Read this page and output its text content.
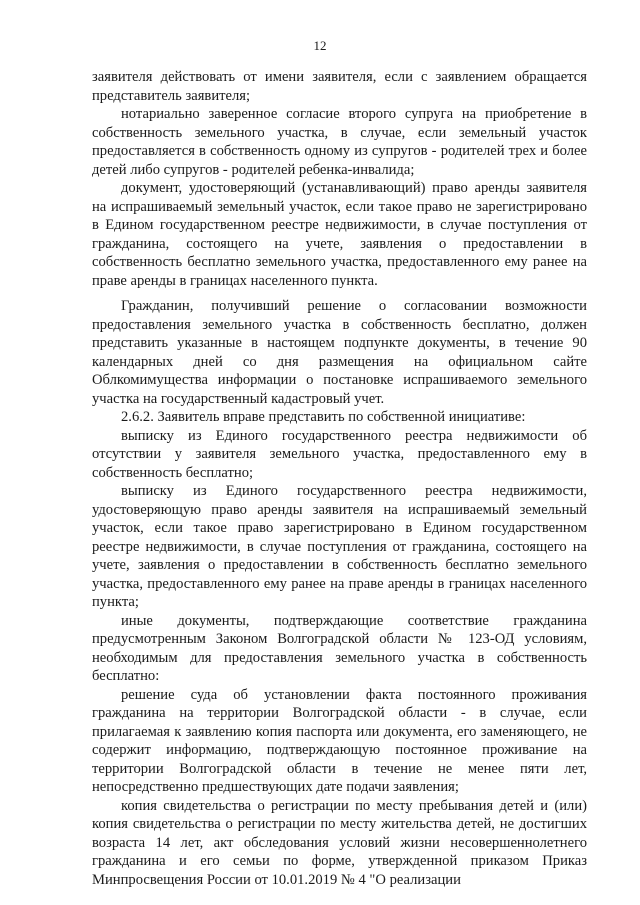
12

заявителя действовать от имени заявителя, если с заявлением обращается представитель заявителя;

нотариально заверенное согласие второго супруга на приобретение в собственность земельного участка, в случае, если земельный участок предоставляется в собственность одному из супругов - родителей трех и более детей либо супругов - родителей ребенка-инвалида;

документ, удостоверяющий (устанавливающий) право аренды заявителя на испрашиваемый земельный участок, если такое право не зарегистрировано в Едином государственном реестре недвижимости, в случае поступления от гражданина, состоящего на учете, заявления о предоставлении в собственность бесплатно земельного участка, предоставленного ему ранее на праве аренды в границах населенного пункта.

Гражданин, получивший решение о согласовании возможности предоставления земельного участка в собственность бесплатно, должен представить указанные в настоящем подпункте документы, в течение 90 календарных дней со дня размещения на официальном сайте Облкомимущества информации о постановке испрашиваемого земельного участка на государственный кадастровый учет.

2.6.2. Заявитель вправе представить по собственной инициативе:

выписку из Единого государственного реестра недвижимости об отсутствии у заявителя земельного участка, предоставленного ему в собственность бесплатно;

выписку из Единого государственного реестра недвижимости, удостоверяющую право аренды заявителя на испрашиваемый земельный участок, если такое право зарегистрировано в Едином государственном реестре недвижимости, в случае поступления от гражданина, состоящего на учете, заявления о предоставлении в собственность бесплатно земельного участка, предоставленного ему ранее на праве аренды в границах населенного пункта;

иные документы, подтверждающие соответствие гражданина предусмотренным Законом Волгоградской области № 123-ОД условиям, необходимым для предоставления земельного участка в собственность бесплатно:

решение суда об установлении факта постоянного проживания гражданина на территории Волгоградской области - в случае, если прилагаемая к заявлению копия паспорта или документа, его заменяющего, не содержит информацию, подтверждающую постоянное проживание на территории Волгоградской области в течение не менее пяти лет, непосредственно предшествующих дате подачи заявления;

копия свидетельства о регистрации по месту пребывания детей и (или) копия свидетельства о регистрации по месту жительства детей, не достигших возраста 14 лет, акт обследования условий жизни несовершеннолетнего гражданина и его семьи по форме, утвержденной приказом Приказ Минпросвещения России от 10.01.2019 № 4 "О реализации
